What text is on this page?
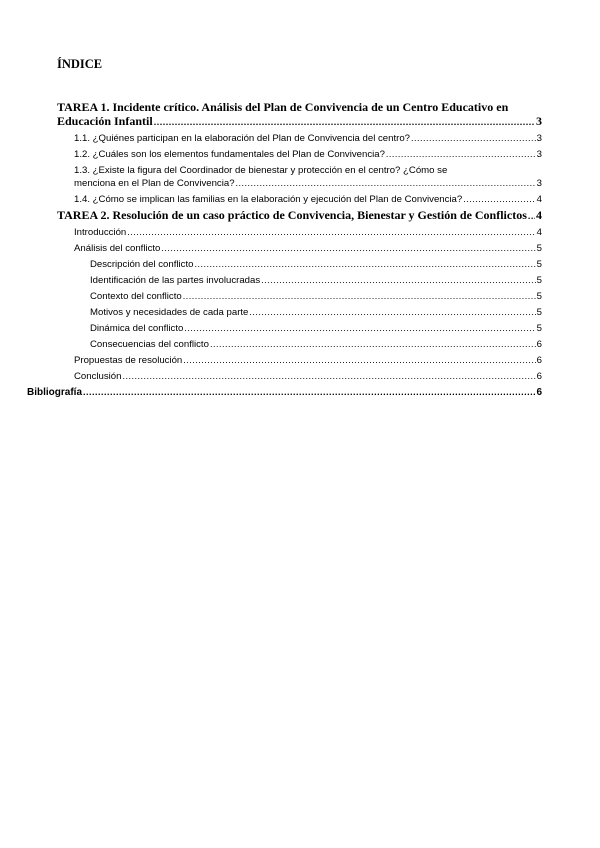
ÍNDICE
TAREA 1. Incidente crítico. Análisis del Plan de Convivencia de un Centro Educativo en
Educación Infantil .....	3
1.1. ¿Quiénes participan en la elaboración del Plan de Convivencia del centro? .....	3
1.2. ¿Cuáles son los elementos fundamentales del Plan de Convivencia? .....	3
1.3. ¿Existe la figura del Coordinador de bienestar y protección en el centro? ¿Cómo se
menciona en el Plan de Convivencia? .....	3
1.4. ¿Cómo se implican las familias en la elaboración y ejecución del Plan de Convivencia? .....	4
TAREA 2. Resolución de un caso práctico de Convivencia, Bienestar y Gestión de Conflictos ..... 4
Introducción .....	4
Análisis del conflicto .....	5
Descripción del conflicto .....	5
Identificación de las partes involucradas .....	5
Contexto del conflicto .....	5
Motivos y necesidades de cada parte .....	5
Dinámica del conflicto .....	5
Consecuencias del conflicto .....	6
Propuestas de resolución .....	6
Conclusión .....	6
Bibliografía .....	6
